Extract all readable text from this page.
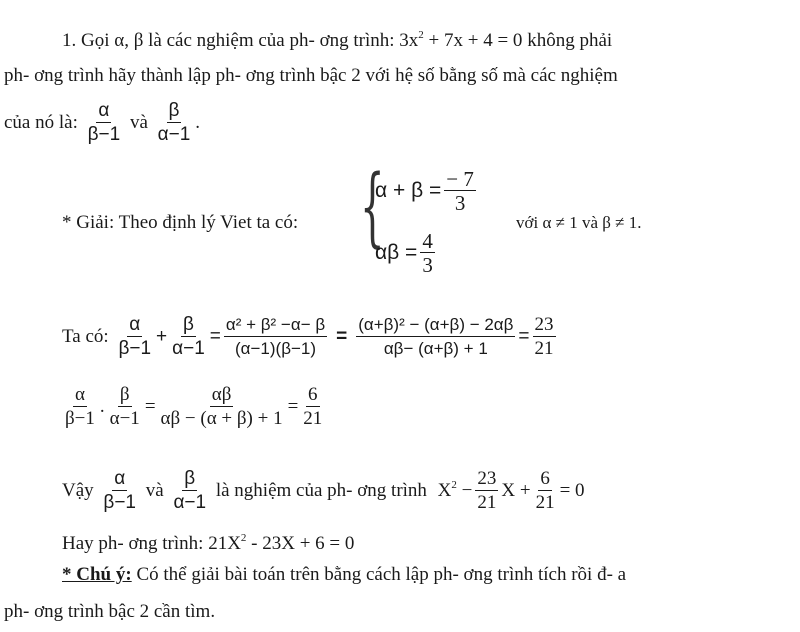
1. Gọi α, β là các nghiệm của ph- ơng trình: $3x^2 + 7x + 4 = 0$ không phải
ph- ơng trình hãy thành lập ph- ơng trình bậc 2 với hệ số bằng số mà các nghiệm
của nó là: $\frac{\alpha}{\beta-1}$ và $\frac{\beta}{\alpha-1}$ .
* Giải: Theo định lý Viet ta có: {
$\alpha + \beta = \frac{- 7}{3}$
với α ≠ 1 và β ≠ 1.
$\alpha\beta = \frac{4}{3}$
Ta có: $\frac{\alpha}{\beta-1} + \frac{\beta}{\alpha-1} = \frac{\text{α² + β² −α− β}}{(\alpha-1)(\beta-1)} = \frac{\text{(α+β)² − (α+β) − 2αβ}}{\alpha\beta- (\alpha+\beta) + 1} = \frac{23}{21}$
$\frac{\alpha}{\beta-1}$ . $\frac{\beta}{\alpha-1} = \frac{\alpha\beta}{\alpha\beta - (\alpha + \beta) + 1} = \frac{6}{21}$
Vậy $\frac{\alpha}{\beta-1}$ và $\frac{\beta}{\alpha-1}$ là nghiệm của ph- ơng trình $X^2 - \frac{23}{21}$ $X + \frac{6}{21} = 0$
Hay ph- ơng trình: $21X^2 - 23X + 6 = 0$
* Chú ý: Có thể giải bài toán trên bằng cách lập ph- ơng trình tích rồi đ- a
ph- ơng trình bậc 2 cần tìm.
